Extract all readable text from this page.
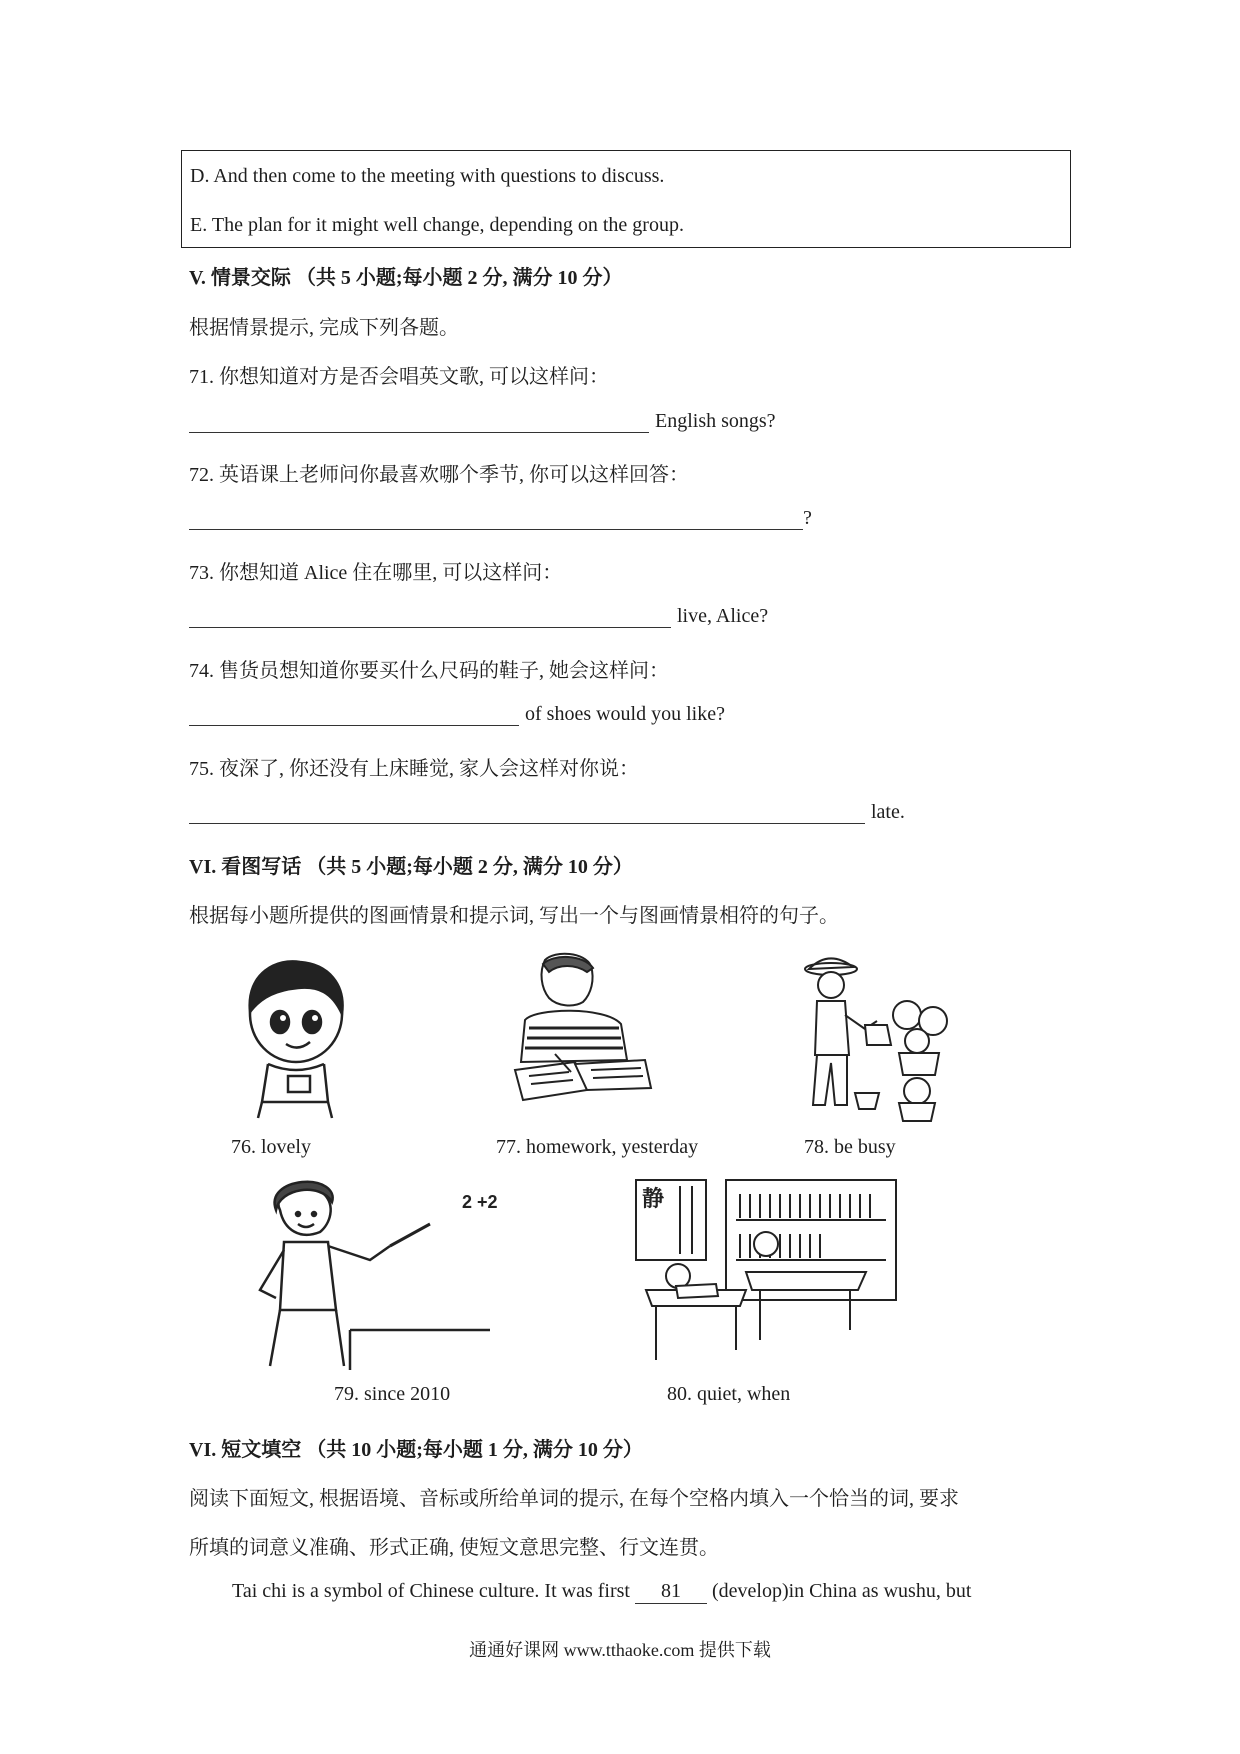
D. And then come to the meeting with questions to discuss.
E. The plan for it might well change, depending on the group.
V. 情景交际 （共 5 小题;每小题 2 分, 满分 10 分）
根据情景提示, 完成下列各题。
71. 你想知道对方是否会唱英文歌, 可以这样问：
English songs?
72. 英语课上老师问你最喜欢哪个季节, 你可以这样回答：
?
73. 你想知道 Alice 住在哪里, 可以这样问：
live, Alice?
74. 售货员想知道你要买什么尺码的鞋子, 她会这样问：
of shoes would you like?
75. 夜深了, 你还没有上床睡觉, 家人会这样对你说：
late.
VI. 看图写话 （共 5 小题;每小题 2 分, 满分 10 分）
根据每小题所提供的图画情景和提示词, 写出一个与图画情景相符的句子。
76. lovely	77. homework, yesterday	78. be busy
2 +2	静
79. since 2010	80. quiet, when
VI. 短文填空 （共 10 小题;每小题 1 分, 满分 10 分）
阅读下面短文, 根据语境、音标或所给单词的提示, 在每个空格内填入一个恰当的词, 要求
所填的词意义准确、形式正确, 使短文意思完整、行文连贯。
Tai chi is a symbol of Chinese culture. It was first 81 (develop)in China as wushu, but
通通好课网 www.tthaoke.com 提供下载
